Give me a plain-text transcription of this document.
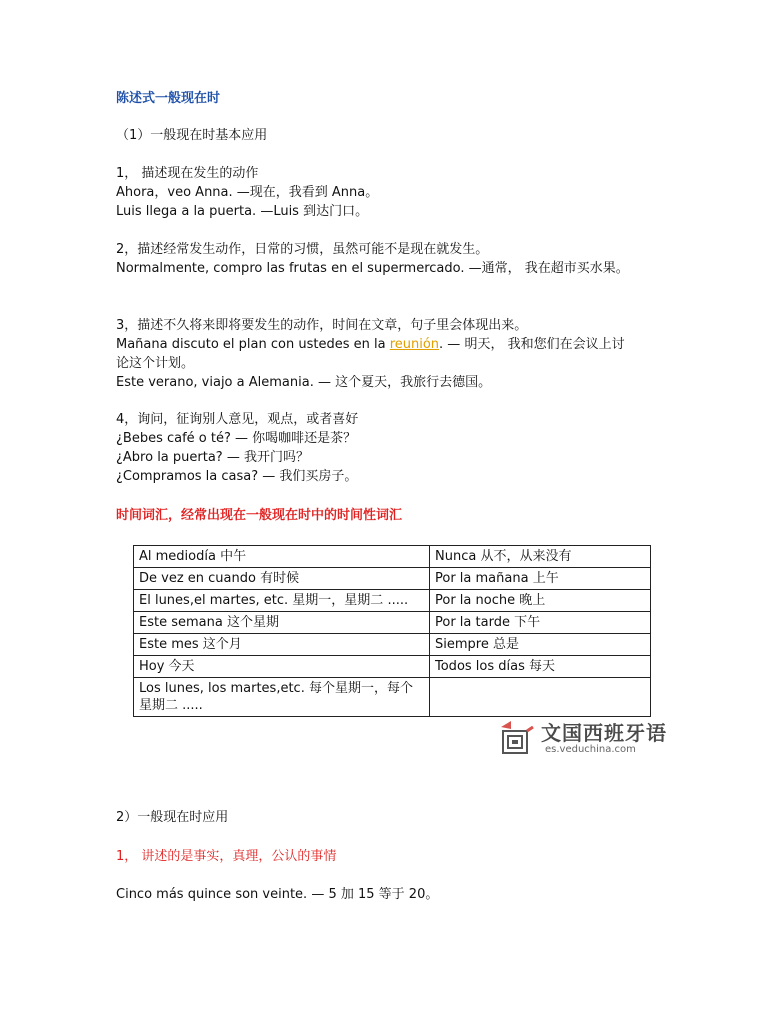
陈述式一般现在时
（1）一般现在时基本应用
1， 描述现在发生的动作
Ahora，veo Anna. —现在，我看到 Anna。
Luis llega a la puerta. —Luis 到达门口。
2，描述经常发生动作，日常的习惯，虽然可能不是现在就发生。
Normalmente, compro las frutas en el supermercado. —通常， 我在超市买水果。
3，描述不久将来即将要发生的动作，时间在文章，句子里会体现出来。
Mañana discuto el plan con ustedes en la reunión. — 明天， 我和您们在会议上讨
论这个计划。
Este verano, viajo a Alemania. — 这个夏天，我旅行去德国。
4，询问，征询别人意见，观点，或者喜好
¿Bebes café o té? — 你喝咖啡还是茶？
¿Abro la puerta? — 我开门吗？
¿Compramos la casa? — 我们买房子。
时间词汇，经常出现在一般现在时中的时间性词汇
Al mediodía 中午	Nunca 从不，从来没有
De vez en cuando 有时候	Por la mañana 上午
El lunes,el martes, etc. 星期一，星期二 .....	Por la noche 晚上
Este semana 这个星期	Por la tarde 下午
Este mes 这个月	Siempre 总是
Hoy 今天	Todos los días 每天
Los lunes, los martes,etc. 每个星期一，每个星期二 .....	
文国西班牙语
es.veduchina.com
2）一般现在时应用
1， 讲述的是事实，真理，公认的事情
Cinco más quince son veinte. — 5 加 15 等于 20。
